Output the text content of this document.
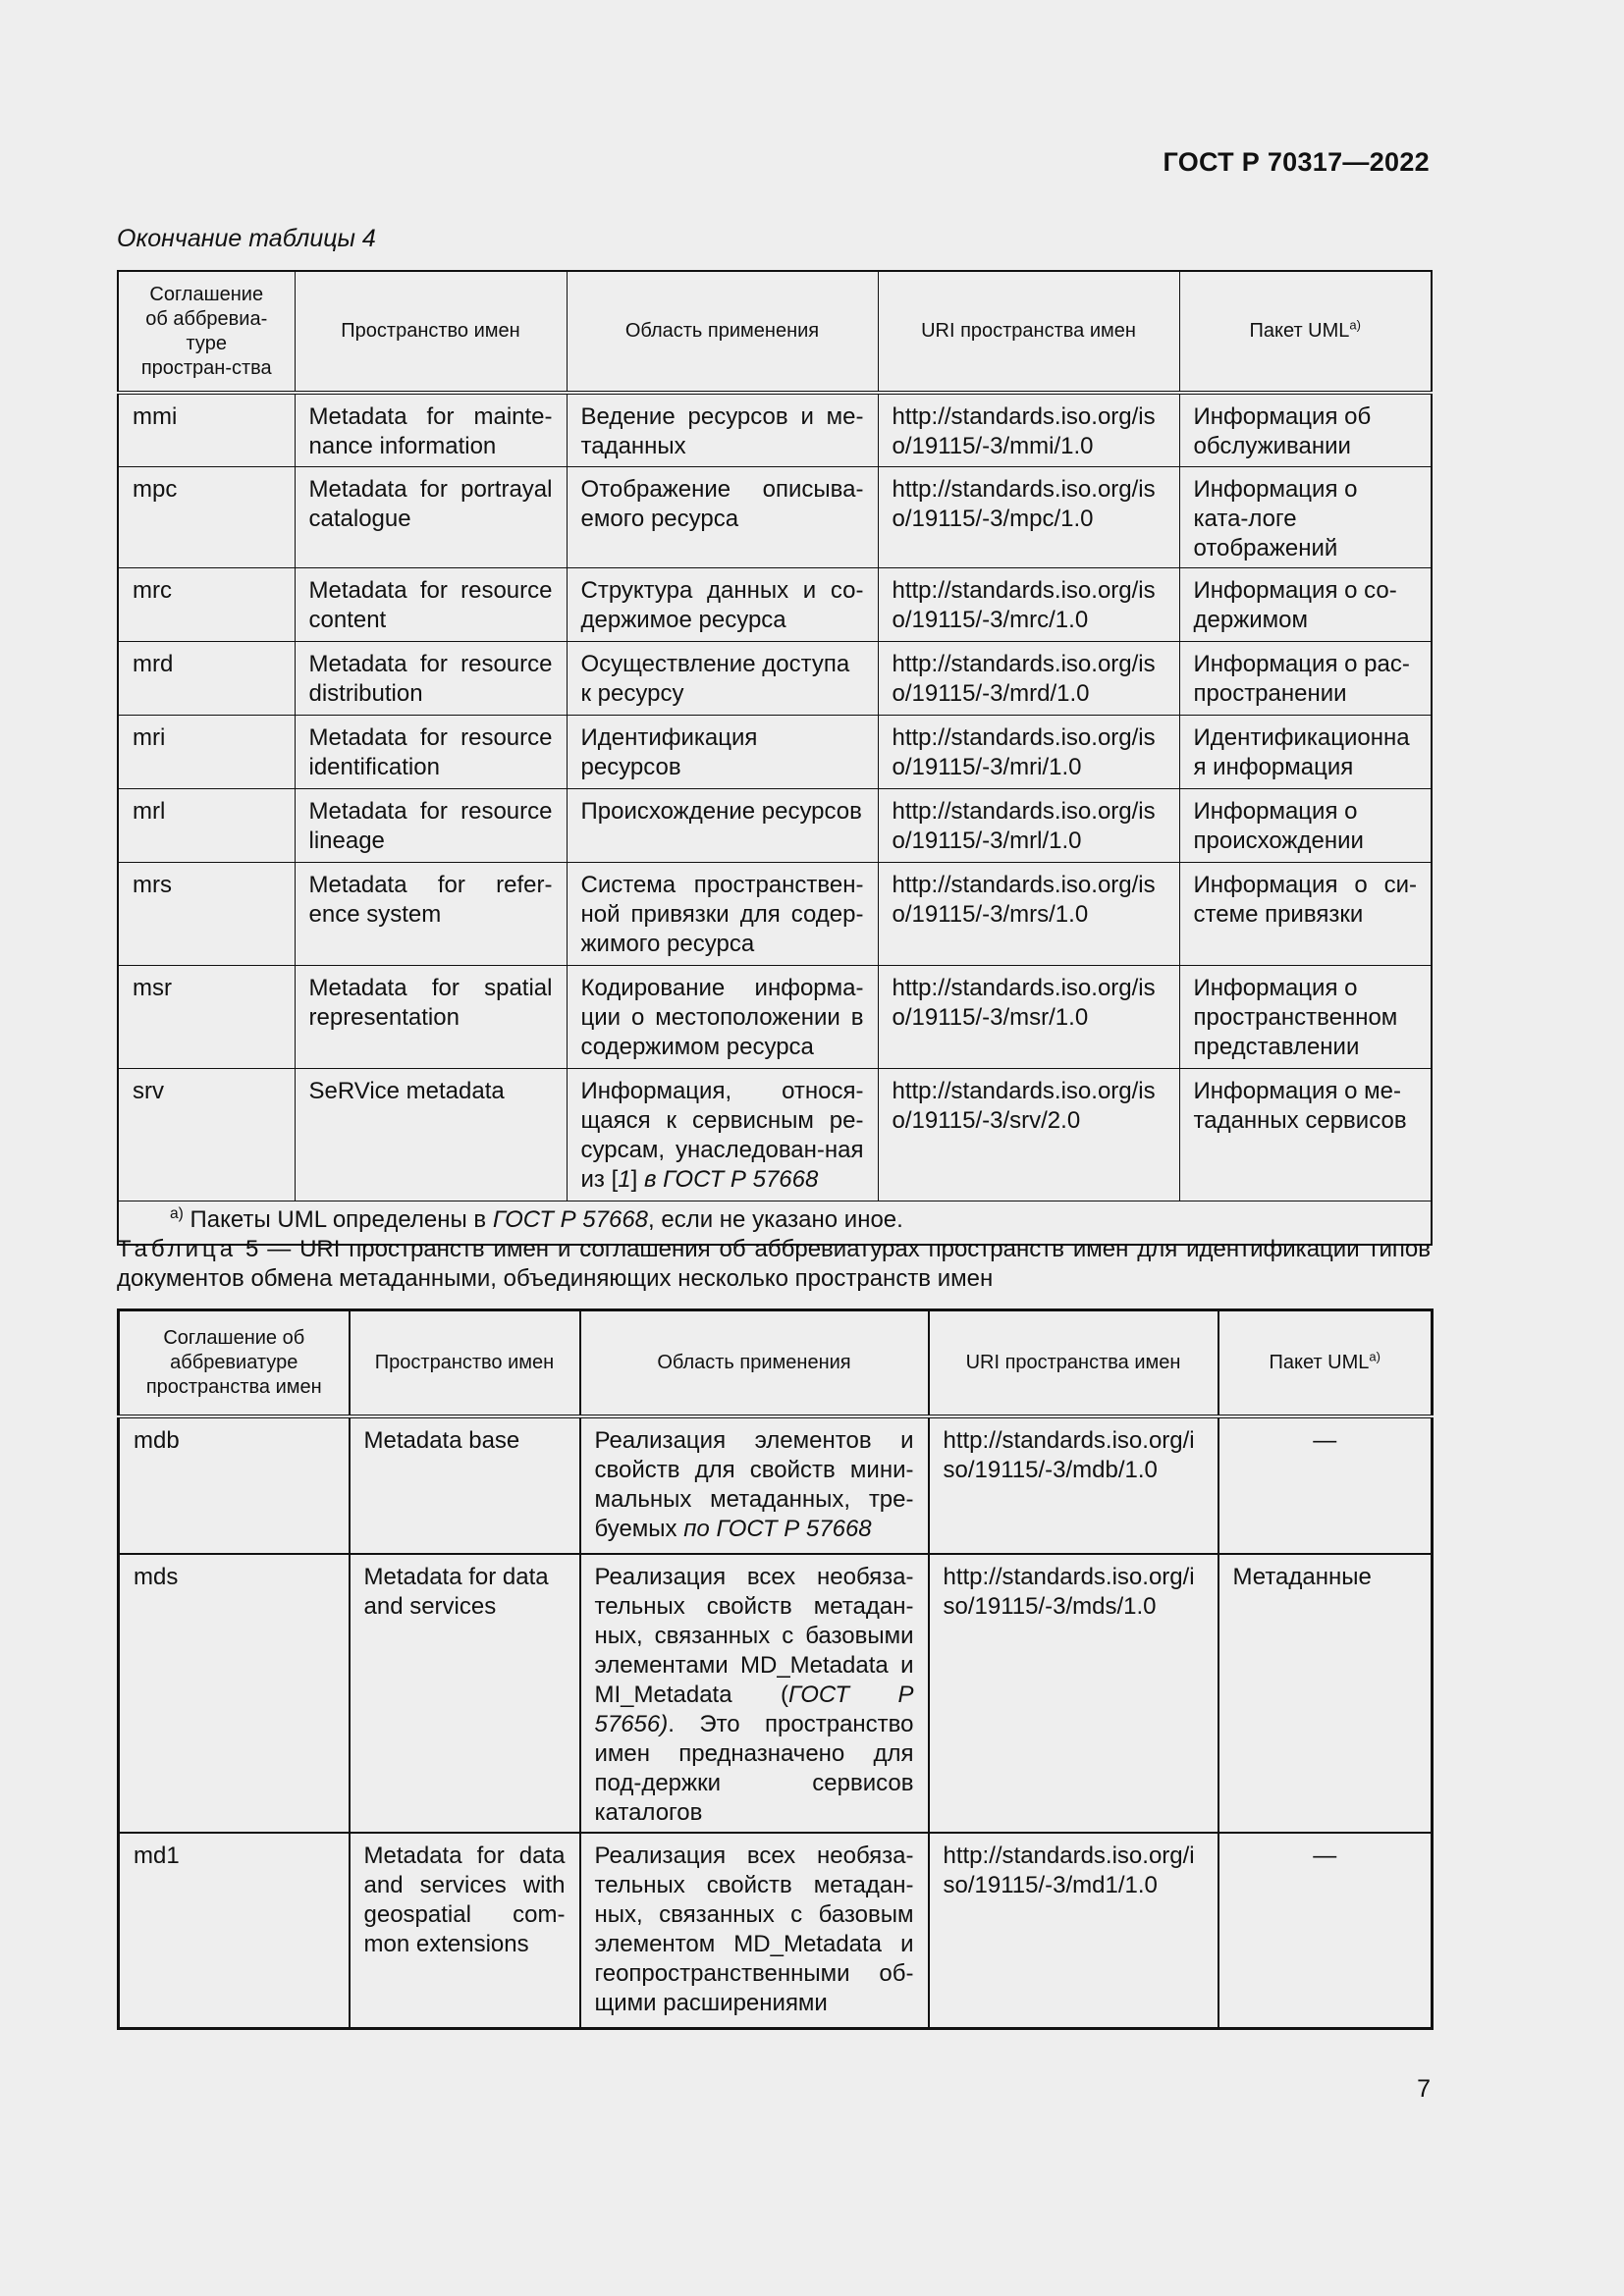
ГОСТ Р 70317—2022
Окончание таблицы 4
Соглашение об аббревиа-туре простран-ства	Пространство имен	Область применения	URI пространства имен	Пакет $UML^{а)}$
mmi	Metadata for mainte-nance information	Ведение ресурсов и ме-таданных	http://standards.iso.org/iso/19115/-3/mmi/1.0	Информация об обслуживании
mpc	Metadata for portrayal catalogue	Отображение описыва-емого ресурса	http://standards.iso.org/iso/19115/-3/mpc/1.0	Информация о ката-логе отображений
mrc	Metadata for resource content	Структура данных и со-держимое ресурса	http://standards.iso.org/iso/19115/-3/mrc/1.0	Информация о со-держимом
mrd	Metadata for resource distribution	Осуществление доступа к ресурсу	http://standards.iso.org/iso/19115/-3/mrd/1.0	Информация о рас-пространении
mri	Metadata for resource identification	Идентификация ресурсов	http://standards.iso.org/iso/19115/-3/mri/1.0	Идентификационная информация
mrl	Metadata for resource lineage	Происхождение ресурсов	http://standards.iso.org/iso/19115/-3/mrl/1.0	Информация о происхождении
mrs	Metadata for refer-ence system	Система пространствен-ной привязки для содер-жимого ресурса	http://standards.iso.org/iso/19115/-3/mrs/1.0	Информация о си-стеме привязки
msr	Metadata for spatial representation	Кодирование информа-ции о местоположении в содержимом ресурса	http://standards.iso.org/iso/19115/-3/msr/1.0	Информация о пространственном представлении
srv	SeRVice metadata	Информация, относя-щаяся к сервисным ре-сурсам, унаследован-ная из [1] в ГОСТ Р 57668	http://standards.iso.org/iso/19115/-3/srv/2.0	Информация о ме-таданных сервисов
$^{а)}$ Пакеты UML определены в ГОСТ Р 57668, если не указано иное.				
Таблица 5 — URI пространств имен и соглашения об аббревиатурах пространств имен для идентификации типов документов обмена метаданными, объединяющих несколько пространств имен
Соглашение об аббревиатуре пространства имен	Пространство имен	Область применения	URI пространства имен	Пакет $UML^{а)}$
mdb	Metadata base	Реализация элементов и свойств для свойств мини-мальных метаданных, тре-буемых по ГОСТ Р 57668	http://standards.iso.org/iso/19115/-3/mdb/1.0	—
mds	Metadata for data and services	Реализация всех необяза-тельных свойств метадан-ных, связанных с базовыми элементами MD_Metadata и MI_Metadata (ГОСТ Р 57656). Это пространство имен предназначено для под-держки сервисов каталогов	http://standards.iso.org/iso/19115/-3/mds/1.0	Метаданные
md1	Metadata for data and services with geospatial com-mon extensions	Реализация всех необяза-тельных свойств метадан-ных, связанных с базовым элементом MD_Metadata и геопространственными об-щими расширениями	http://standards.iso.org/iso/19115/-3/md1/1.0	—
7
